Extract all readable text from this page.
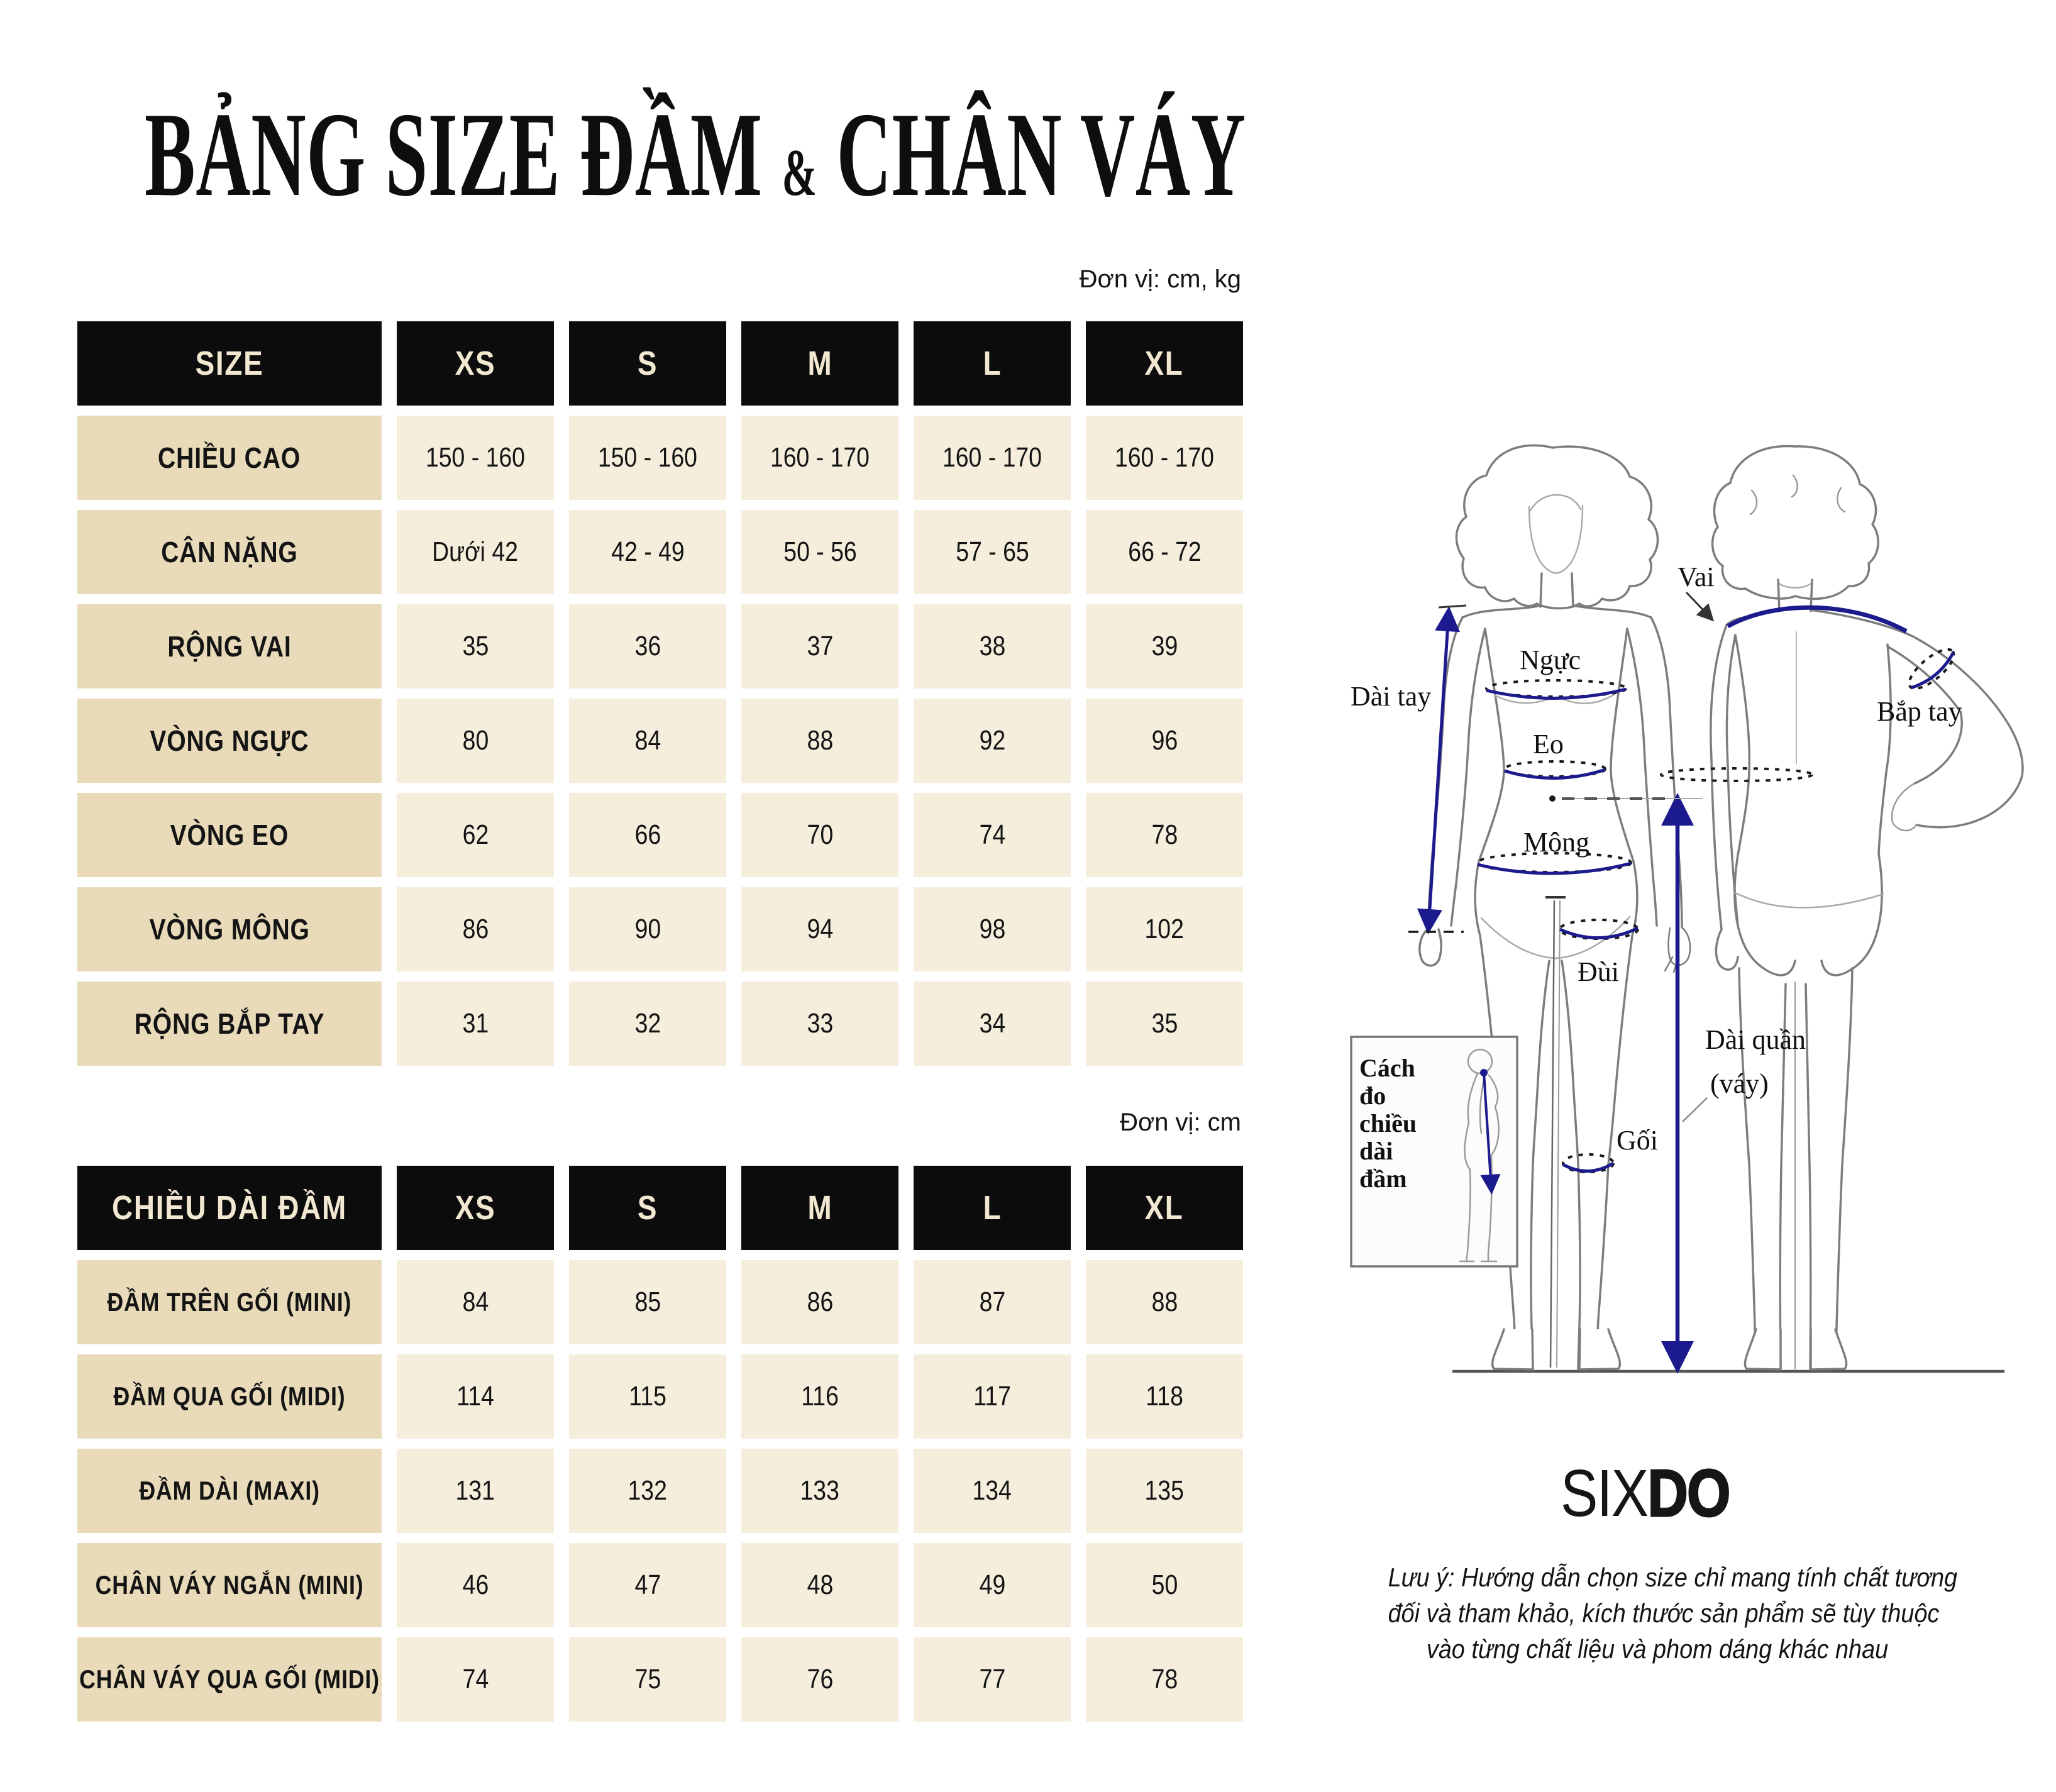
BẢNG SIZE ĐẦM & CHÂN VÁY
Đơn vị: cm, kg
Đơn vị: cm
SIZE	XS	S	M	L	XL
CHIỀU CAO	150 - 160	150 - 160	160 - 170	160 - 170	160 - 170
CÂN NẶNG	Dưới 42	42 - 49	50 - 56	57 - 65	66 - 72
RỘNG VAI	35	36	37	38	39
VÒNG NGỰC	80	84	88	92	96
VÒNG EO	62	66	70	74	78
VÒNG MÔNG	86	90	94	98	102
RỘNG BẮP TAY	31	32	33	34	35
CHIỀU DÀI ĐẦM	XS	S	M	L	XL
ĐẦM TRÊN GỐI (MINI)	84	85	86	87	88
ĐẦM QUA GỐI (MIDI)	114	115	116	117	118
ĐẦM DÀI (MAXI)	131	132	133	134	135
CHÂN VÁY NGẮN (MINI)	46	47	48	49	50
CHÂN VÁY QUA GỐI (MIDI)	74	75	76	77	78
Ngực
Eo
Mông
Đùi
Gối
Vai
Dài tay	Bắp tay
Dài quần
(váy)
Cách
đo
chiều
dài
đầm
SIXDO
Lưu ý: Hướng dẫn chọn size chỉ mang tính chất tương
đối và tham khảo, kích thước sản phẩm sẽ tùy thuộc
vào từng chất liệu và phom dáng khác nhau
